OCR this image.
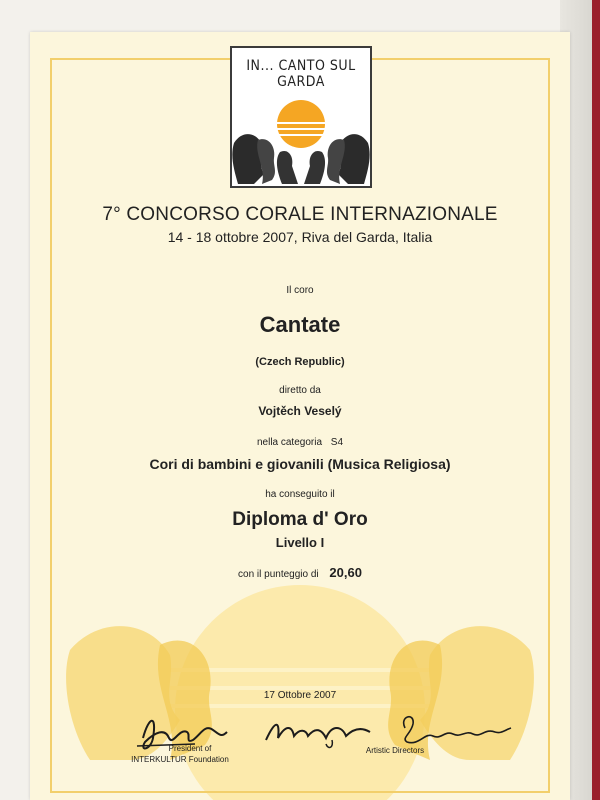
IN... CANTO SUL GARDA
7° CONCORSO CORALE INTERNAZIONALE
14 - 18 ottobre 2007, Riva del Garda, Italia
Il coro
Cantate
(Czech Republic)
diretto da
Vojtěch Veselý
nella categoria S4
Cori di bambini e giovanili (Musica Religiosa)
ha conseguito il
Diploma d' Oro
Livello I
con il punteggio di 20,60
17 Ottobre 2007
President of
INTERKULTUR Foundation
Artistic Directors
